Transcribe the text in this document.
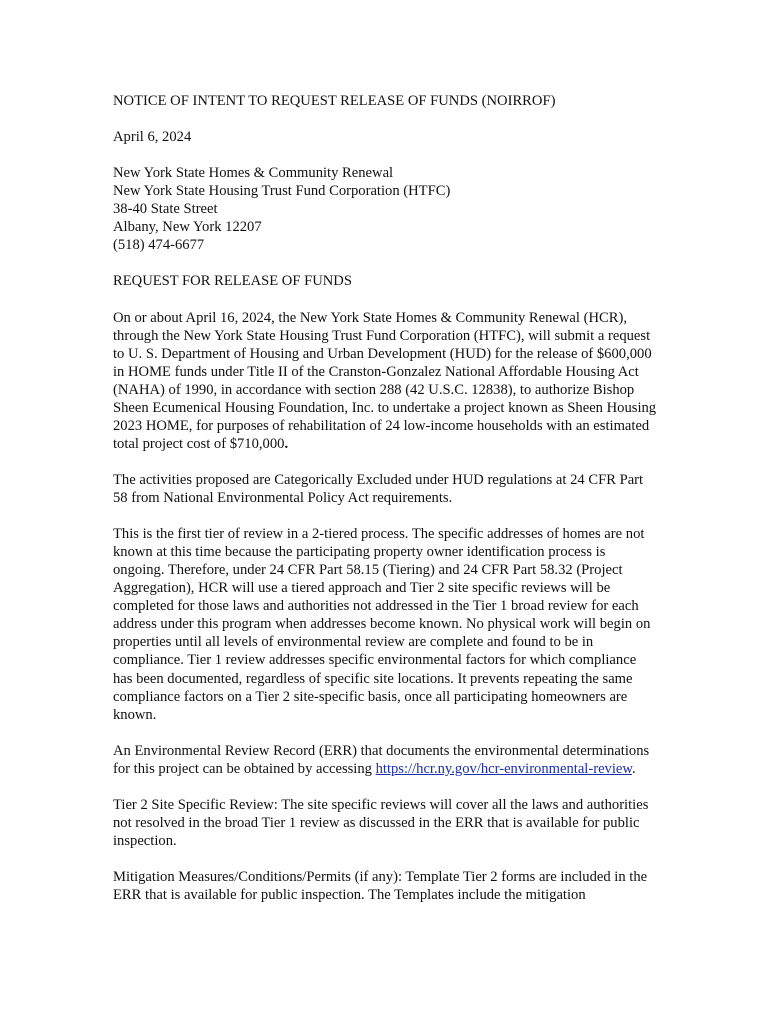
NOTICE OF INTENT TO REQUEST RELEASE OF FUNDS (NOIRROF)

April 6, 2024

New York State Homes & Community Renewal
New York State Housing Trust Fund Corporation (HTFC)
38-40 State Street
Albany, New York 12207
(518) 474-6677

REQUEST FOR RELEASE OF FUNDS

On or about April 16, 2024, the New York State Homes & Community Renewal (HCR), through the New York State Housing Trust Fund Corporation (HTFC), will submit a request to U. S. Department of Housing and Urban Development (HUD) for the release of $600,000 in HOME funds under Title II of the Cranston-Gonzalez National Affordable Housing Act (NAHA) of 1990, in accordance with section 288 (42 U.S.C. 12838), to authorize Bishop Sheen Ecumenical Housing Foundation, Inc. to undertake a project known as Sheen Housing 2023 HOME, for purposes of rehabilitation of 24 low-income households with an estimated total project cost of $710,000.

The activities proposed are Categorically Excluded under HUD regulations at 24 CFR Part 58 from National Environmental Policy Act requirements.

This is the first tier of review in a 2-tiered process. The specific addresses of homes are not known at this time because the participating property owner identification process is ongoing. Therefore, under 24 CFR Part 58.15 (Tiering) and 24 CFR Part 58.32 (Project Aggregation), HCR will use a tiered approach and Tier 2 site specific reviews will be completed for those laws and authorities not addressed in the Tier 1 broad review for each address under this program when addresses become known. No physical work will begin on properties until all levels of environmental review are complete and found to be in compliance. Tier 1 review addresses specific environmental factors for which compliance has been documented, regardless of specific site locations. It prevents repeating the same compliance factors on a Tier 2 site-specific basis, once all participating homeowners are known.

An Environmental Review Record (ERR) that documents the environmental determinations for this project can be obtained by accessing https://hcr.ny.gov/hcr-environmental-review.

Tier 2 Site Specific Review: The site specific reviews will cover all the laws and authorities not resolved in the broad Tier 1 review as discussed in the ERR that is available for public inspection.

Mitigation Measures/Conditions/Permits (if any): Template Tier 2 forms are included in the ERR that is available for public inspection. The Templates include the mitigation
